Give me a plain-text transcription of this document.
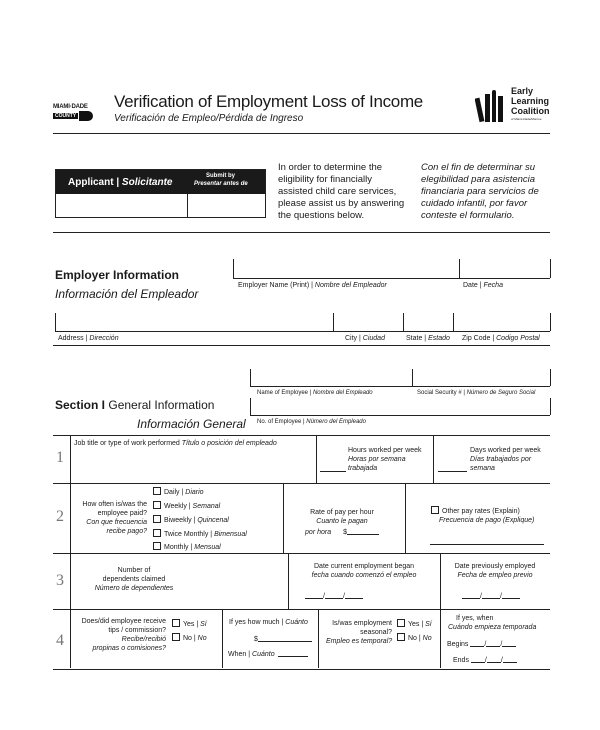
MIAMI·DADE
COUNTY
Verification of Employment Loss of Income
Verificación de Empleo/Pérdida de Ingreso
Early
Learning
Coalition
of Miami-Dade/Monroe
Applicant | Solicitante
Submit by
Presentar antes de
In order to determine the eligibility for financially assisted child care services, please assist us by answering the questions below.
Con el fin de determinar su elegibilidad para asistencia financiaria para servicios de cuidado infantil, por favor conteste el formulario.
Employer Information
Información del Empleador
Employer Name (Print) | Nombre del Empleador	Date | Fecha
Address | Dirección	City | Ciudad	State | Estado Zip Code | Codigo Postal
Section I General Information
Información General
Name of Employee | Nombre del Empleado	Social Security # | Número de Seguro Social
No. of Employee | Número del Empleado
1
Job title or type of work performed Título o posición del empleado
Hours worked per week
Horas por semana
trabajada
Days worked per week
Días trabajados por
semana
2
How often is/was the
employee paid?
Con que frecuencia
recibe pago?
Daily | Diario
Weekly | Semanal
Biweekly | Quincenal
Twice Monthly | Bimensual
Monthly | Mensual
Rate of pay per hour
Cuanto le pagan
por hora $
Other pay rates (Explain)
Frecuencia de pago (Explique)
3
Number of
dependents claimed
Número de dependientes
Date current employment began
fecha cuando comenzó el empleo
/	/
Date previously employed
Fecha de empleo previo
/	/
4
Does/did employee receive
tips / commission?
Recibe/recibió
propinas o comisiones?
Yes | Sí
No | No
If yes how much | Cuánto
$
When | Cuánto
Is/was employment
seasonal?
Empleo es temporal?
Yes | Sí
No | No
If yes, when
Cuándo empieza temporada
Begins / /
Ends / /
